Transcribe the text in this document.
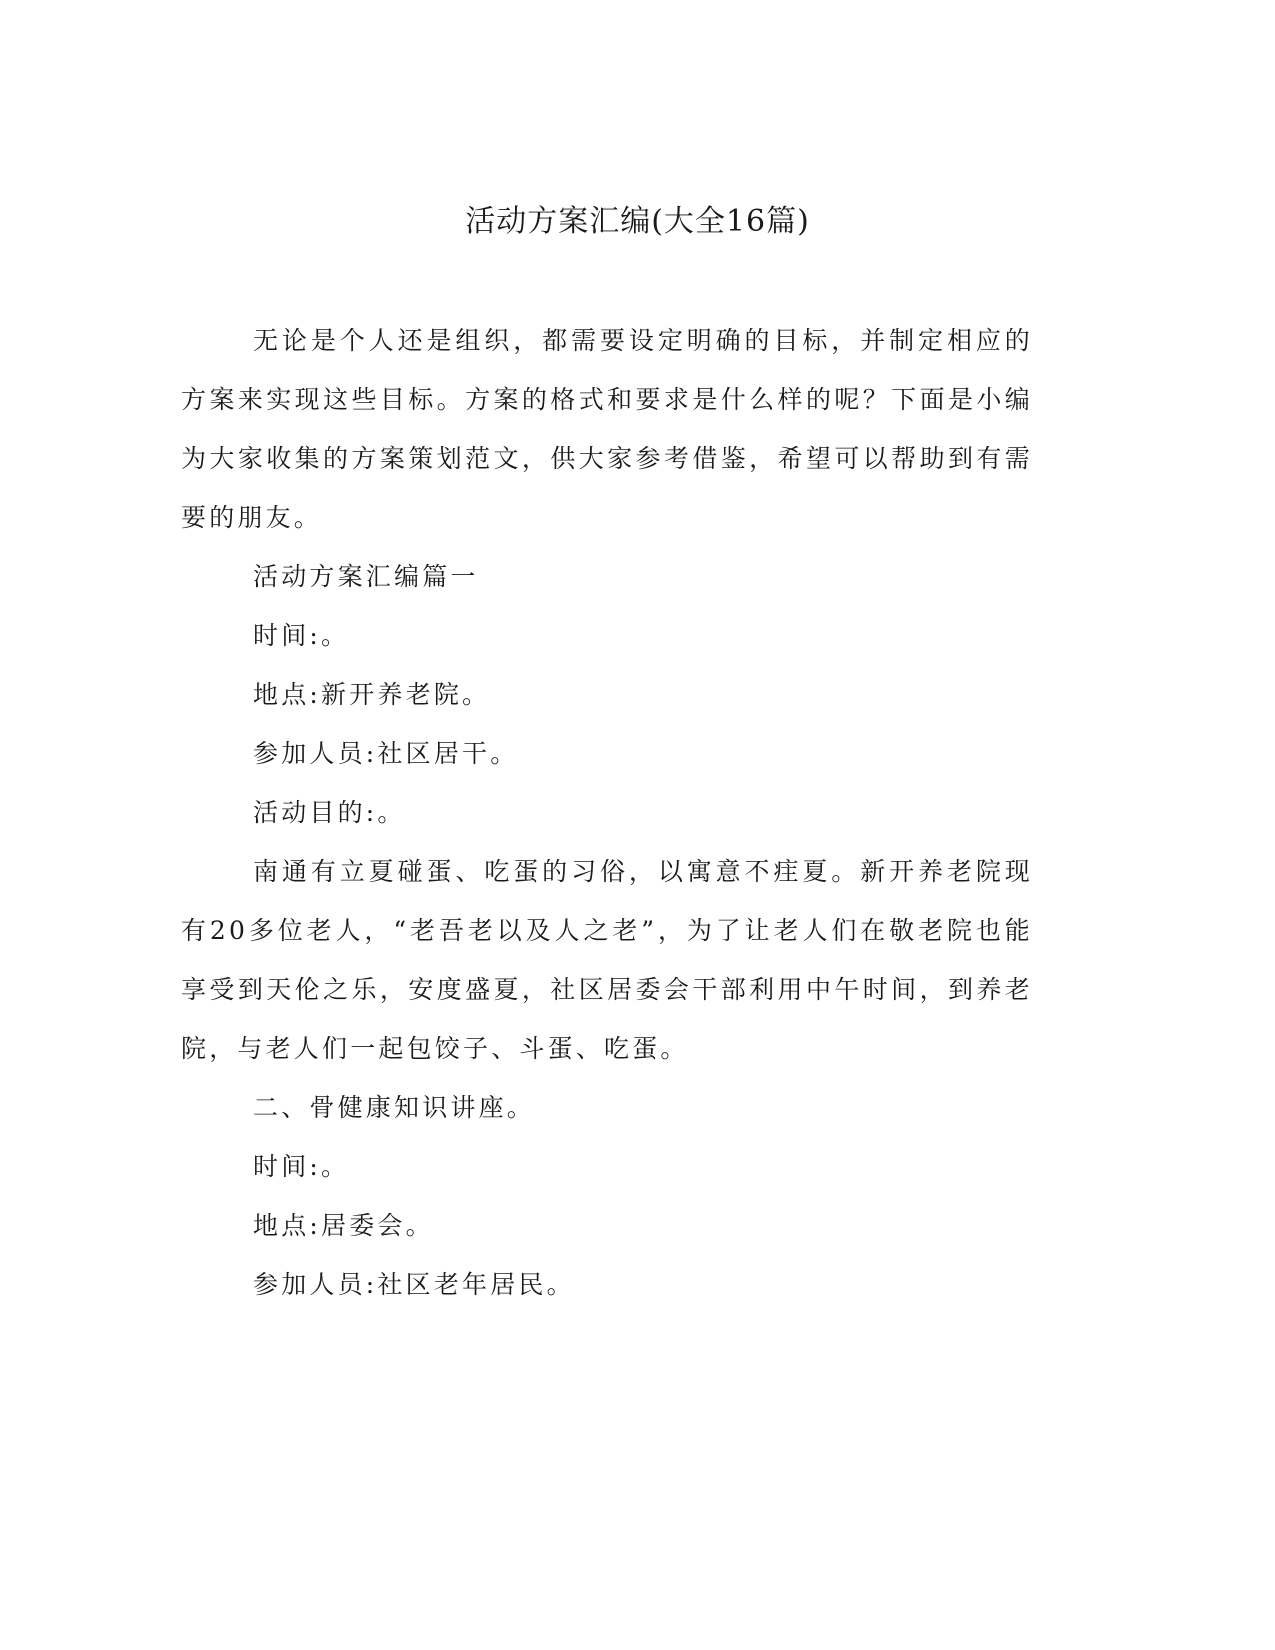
活动方案汇编(大全16篇)

无论是个人还是组织，都需要设定明确的目标，并制定相应的方案来实现这些目标。方案的格式和要求是什么样的呢？下面是小编为大家收集的方案策划范文，供大家参考借鉴，希望可以帮助到有需要的朋友。

活动方案汇编篇一

时间:。

地点:新开养老院。

参加人员:社区居干。

活动目的:。

南通有立夏碰蛋、吃蛋的习俗，以寓意不疰夏。新开养老院现有20多位老人，“老吾老以及人之老”，为了让老人们在敬老院也能享受到天伦之乐，安度盛夏，社区居委会干部利用中午时间，到养老院，与老人们一起包饺子、斗蛋、吃蛋。

二、骨健康知识讲座。

时间:。

地点:居委会。

参加人员:社区老年居民。
